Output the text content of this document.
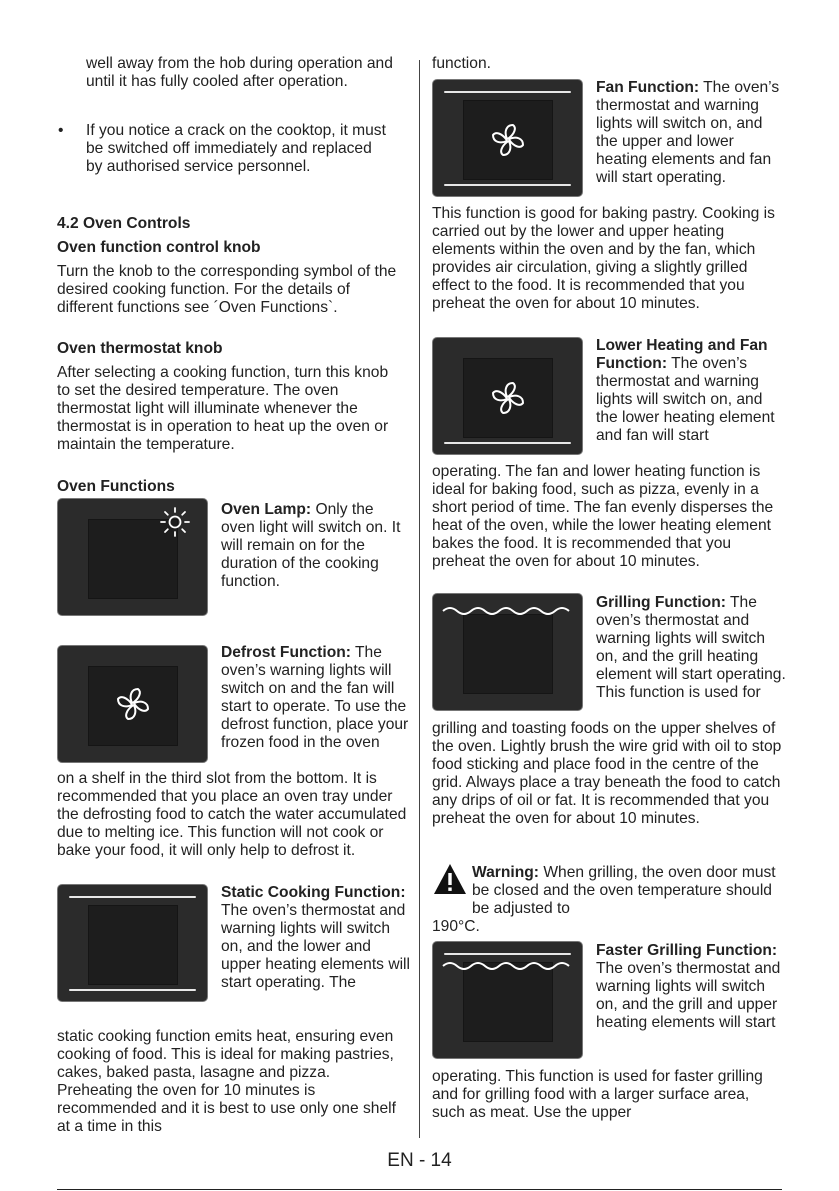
well away from the hob during operation and until it has fully cooled after operation.

• If you notice a crack on the cooktop, it must be switched off immediately and replaced by authorised service personnel.

4.2 Oven Controls

Oven function control knob

Turn the knob to the corresponding symbol of the desired cooking function. For the details of different functions see ´Oven Functions`.

Oven thermostat knob

After selecting a cooking function, turn this knob to set the desired temperature. The oven thermostat light will illuminate whenever the thermostat is in operation to heat up the oven or maintain the temperature.

Oven Functions

Oven Lamp: Only the oven light will switch on. It will remain on for the duration of the cooking function.

Defrost Function: The oven’s warning lights will switch on and the fan will start to operate. To use the defrost function, place your frozen food in the oven

on a shelf in the third slot from the bottom. It is recommended that you place an oven tray under the defrosting food to catch the water accumulated due to melting ice. This function will not cook or bake your food, it will only help to defrost it.

Static Cooking Function: The oven’s thermostat and warning lights will switch on, and the lower and upper heating elements will start operating. The

static cooking function emits heat, ensuring even cooking of food. This is ideal for making pastries, cakes, baked pasta, lasagne and pizza. Preheating the oven for 10 minutes is recommended and it is best to use only one shelf at a time in this

function.

Fan Function: The oven’s thermostat and warning lights will switch on, and the upper and lower heating elements and fan will start operating.

This function is good for baking pastry. Cooking is carried out by the lower and upper heating elements within the oven and by the fan, which provides air circulation, giving a slightly grilled effect to the food. It is recommended that you preheat the oven for about 10 minutes.

Lower Heating and Fan Function: The oven’s thermostat and warning lights will switch on, and the lower heating element and fan will start

operating. The fan and lower heating function is ideal for baking food, such as pizza, evenly in a short period of time. The fan evenly disperses the heat of the oven, while the lower heating element bakes the food. It is recommended that you preheat the oven for about 10 minutes.

Grilling Function: The oven’s thermostat and warning lights will switch on, and the grill heating element will start operating. This function is used for

grilling and toasting foods on the upper shelves of the oven. Lightly brush the wire grid with oil to stop food sticking and place food in the centre of the grid. Always place a tray beneath the food to catch any drips of oil or fat. It is recommended that you preheat the oven for about 10 minutes.

Warning: When grilling, the oven door must be closed and the oven temperature should be adjusted to

190°C.

Faster Grilling Function: The oven’s thermostat and warning lights will switch on, and the grill and upper heating elements will start

operating. This function is used for faster grilling and for grilling food with a larger surface area, such as meat. Use the upper

EN - 14
